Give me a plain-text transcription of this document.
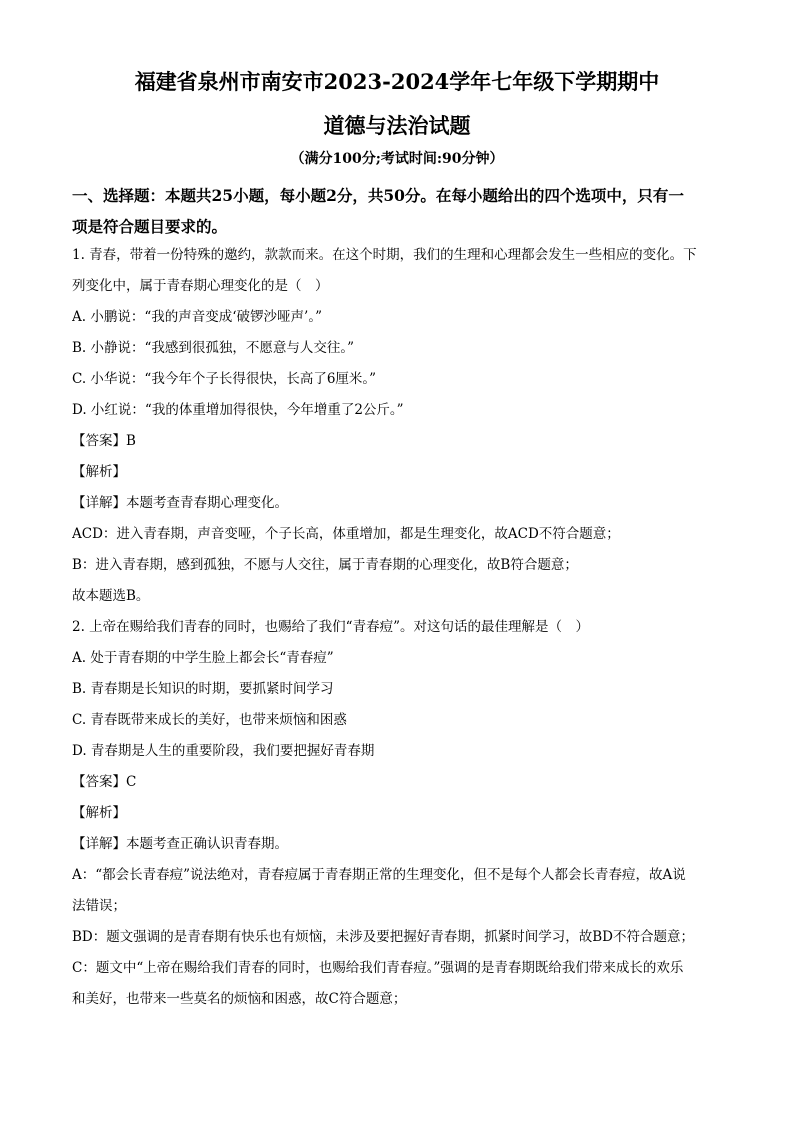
福建省泉州市南安市2023-2024学年七年级下学期期中
道德与法治试题
（满分100分;考试时间:90分钟）
一、选择题：本题共25小题，每小题2分，共50分。在每小题给出的四个选项中，只有一
项是符合题目要求的。
1. 青春，带着一份特殊的邀约，款款而来。在这个时期，我们的生理和心理都会发生一些相应的变化。下
列变化中，属于青春期心理变化的是（　）
A. 小鹏说：“我的声音变成‘破锣沙哑声’。”
B. 小静说：“我感到很孤独，不愿意与人交往。”
C. 小华说：“我今年个子长得很快，长高了6厘米。”
D. 小红说：“我的体重增加得很快，今年增重了2公斤。”
【答案】B
【解析】
【详解】本题考查青春期心理变化。
ACD：进入青春期，声音变哑，个子长高，体重增加，都是生理变化，故ACD不符合题意；
B：进入青春期，感到孤独，不愿与人交往，属于青春期的心理变化，故B符合题意；
故本题选B。
2. 上帝在赐给我们青春的同时，也赐给了我们“青春痘”。对这句话的最佳理解是（　）
A. 处于青春期的中学生脸上都会长“青春痘”
B. 青春期是长知识的时期，要抓紧时间学习
C. 青春既带来成长的美好，也带来烦恼和困惑
D. 青春期是人生的重要阶段，我们要把握好青春期
【答案】C
【解析】
【详解】本题考查正确认识青春期。
A：“都会长青春痘”说法绝对，青春痘属于青春期正常的生理变化，但不是每个人都会长青春痘，故A说
法错误；
BD：题文强调的是青春期有快乐也有烦恼，未涉及要把握好青春期，抓紧时间学习，故BD不符合题意；
C：题文中“上帝在赐给我们青春的同时，也赐给我们青春痘。”强调的是青春期既给我们带来成长的欢乐
和美好，也带来一些莫名的烦恼和困惑，故C符合题意；
